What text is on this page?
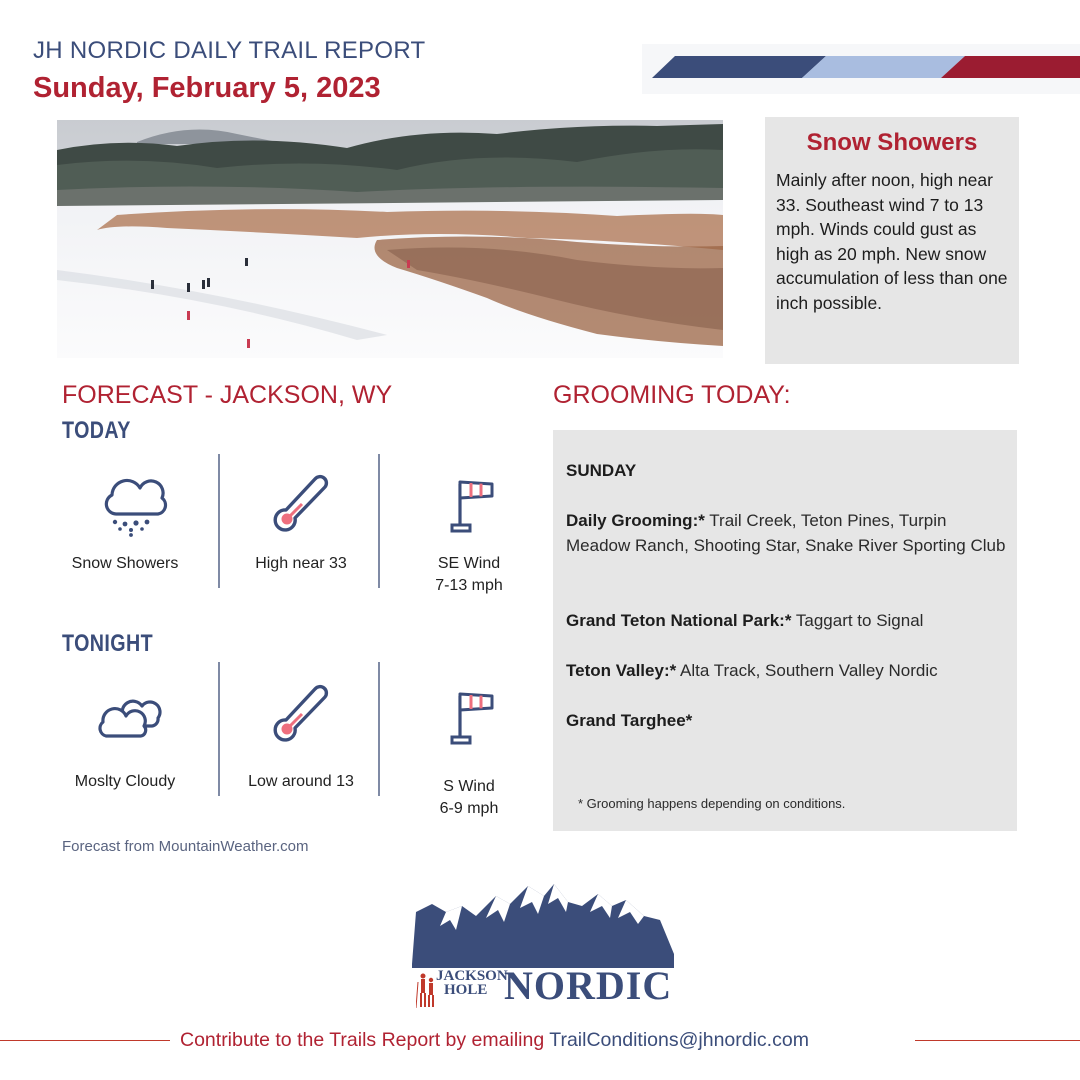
JH NORDIC DAILY TRAIL REPORT
Sunday, February 5, 2023
Snow Showers
Mainly after noon, high near 33. Southeast wind 7 to 13 mph. Winds could gust as high as 20 mph. New snow accumulation of less than one inch possible.
FORECAST - JACKSON, WY
TODAY
Snow Showers	High near 33	SE Wind
7-13 mph
TONIGHT
Moslty Cloudy	Low around 13	S Wind
6-9 mph
Forecast from MountainWeather.com
GROOMING TODAY:
SUNDAY
Daily Grooming:* Trail Creek, Teton Pines, Turpin Meadow Ranch, Shooting Star, Snake River Sporting Club
Grand Teton National Park:* Taggart to Signal
Teton Valley:* Alta Track, Southern Valley Nordic
Grand Targhee*
* Grooming happens depending on conditions.
JACKSON
HOLE NORDIC
Contribute to the Trails Report by emailing TrailConditions@jhnordic.com
